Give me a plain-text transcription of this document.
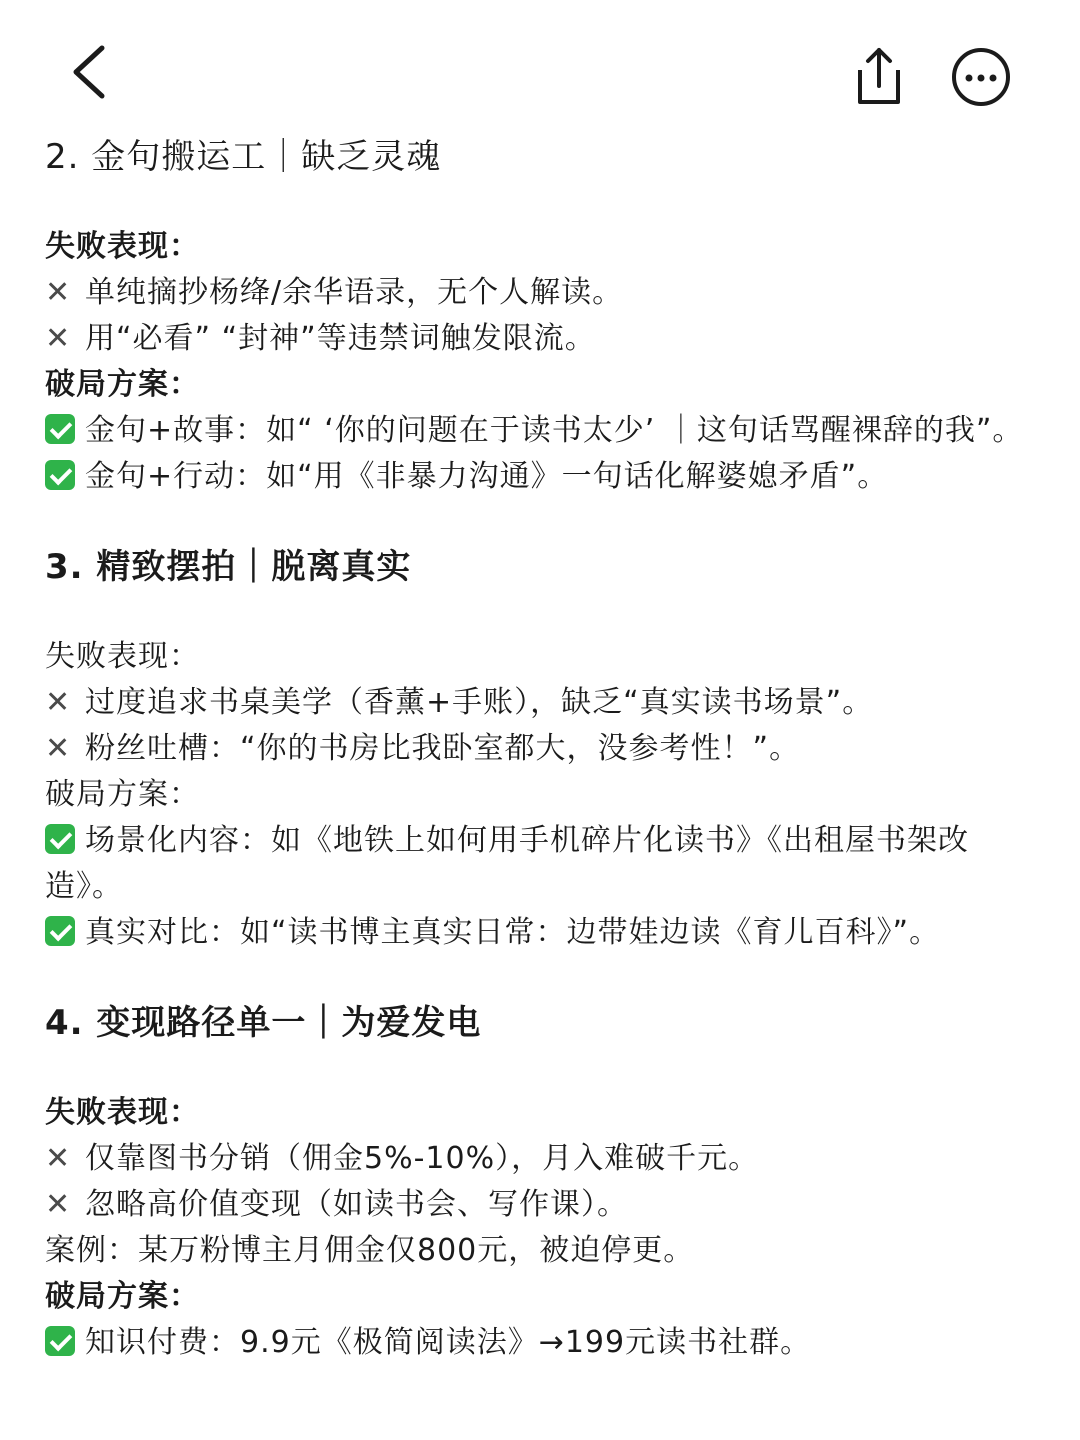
2. 金句搬运工｜缺乏灵魂

失败表现：

✕ 单纯摘抄杨绛/余华语录，无个人解读。

✕ 用“必看” “封神”等违禁词触发限流。

破局方案：

金句+故事：如“ ‘你的问题在于读书太少’ ｜这句话骂醒裸辞的我”。

金句+行动：如“用《非暴力沟通》一句话化解婆媳矛盾”。

3. 精致摆拍｜脱离真实

失败表现：

✕ 过度追求书桌美学（香薰+手账），缺乏“真实读书场景”。

✕ 粉丝吐槽：“你的书房比我卧室都大，没参考性！”。

破局方案：

场景化内容：如《地铁上如何用手机碎片化读书》《出租屋书架改造》。

真实对比：如“读书博主真实日常：边带娃边读《育儿百科》”。

4. 变现路径单一｜为爱发电

失败表现：

✕ 仅靠图书分销（佣金5%-10%），月入难破千元。

✕ 忽略高价值变现（如读书会、写作课）。

案例：某万粉博主月佣金仅800元，被迫停更。

破局方案：

知识付费：9.9元《极简阅读法》→199元读书社群。
